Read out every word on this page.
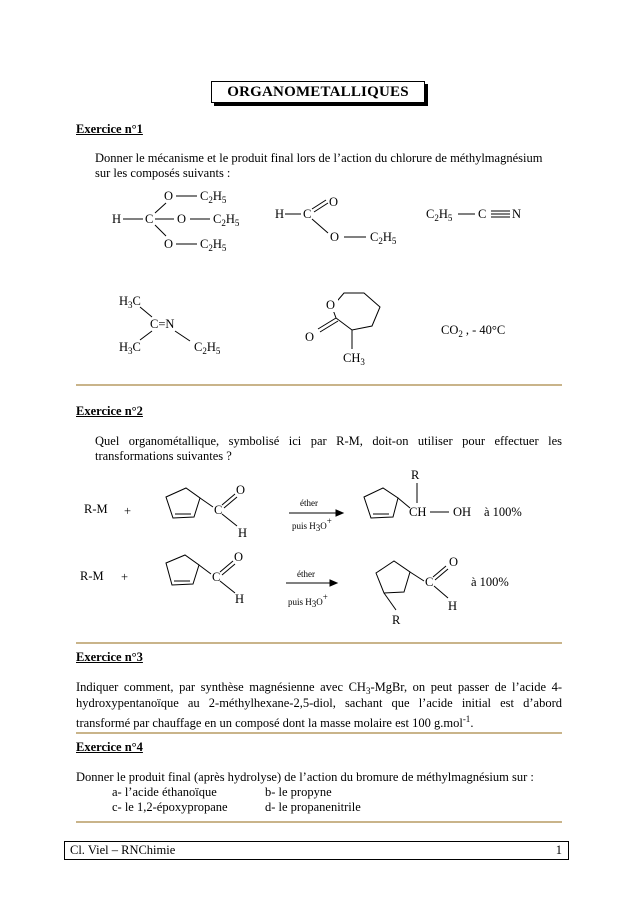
ORGANOMETALLIQUES
Exercice n°1
Donner le mécanisme et le produit final lors de l’action du chlorure de méthylmagnésium
sur les composés suivants :
O $C_2H_5$
H C O $C_2H_5$
O $C_2H_5$
H C
O
O $C_2H_5$
$C_2H_5$ C N
$H_3C$
C=N
$H_3C$	$C_2H_5$
O
O
$CH_3$
$CO_2$ , - 40°C
Exercice n°2
Quel organométallique, symbolisé ici par R-M, doit-on utiliser pour effectuer les
transformations suivantes ?
R-M +	C
O
H
éther
puis H3O+
CH
R
OH à 100%
R-M +	C
O
H
éther
puis H3O+
C
O
H
R
à 100%
Exercice n°3
Indiquer comment, par synthèse magnésienne avec $CH_3$-MgBr, on peut passer de l’acide 4-
hydroxypentanoïque au 2-méthylhexane-2,5-diol, sachant que l’acide initial est d’abord
transformé par chauffage en un composé dont la masse molaire est 100 g.mol$^{-1}$.
Exercice n°4
Donner le produit final (après hydrolyse) de l’action du bromure de méthylmagnésium sur :
a- l’acide éthanoïque	b- le propyne
c- le 1,2-époxypropane	d- le propanenitrile
Cl. Viel – RNChimie	1
